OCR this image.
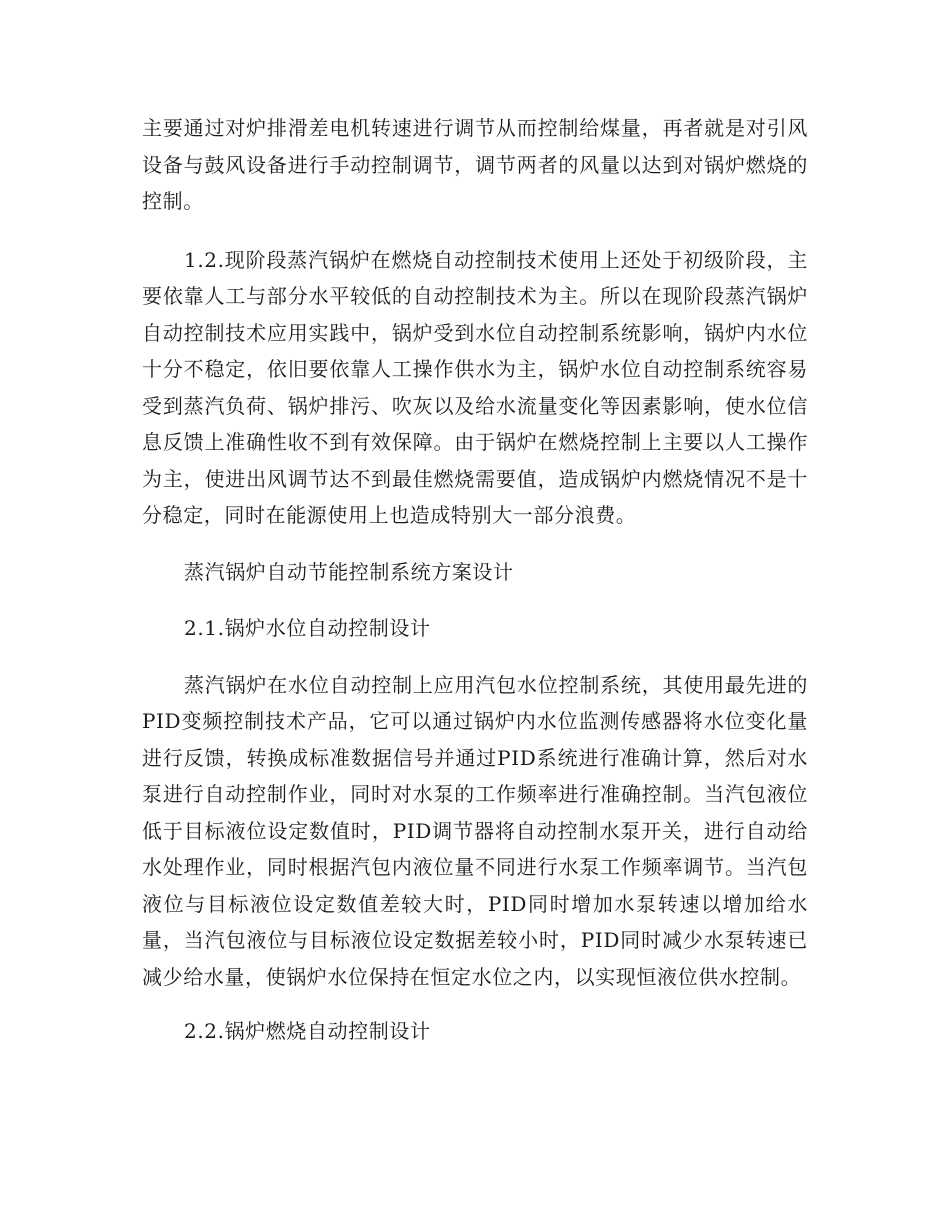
主要通过对炉排滑差电机转速进行调节从而控制给煤量，再者就是对引风设备与鼓风设备进行手动控制调节，调节两者的风量以达到对锅炉燃烧的控制。

1.2.现阶段蒸汽锅炉在燃烧自动控制技术使用上还处于初级阶段，主要依靠人工与部分水平较低的自动控制技术为主。所以在现阶段蒸汽锅炉自动控制技术应用实践中，锅炉受到水位自动控制系统影响，锅炉内水位十分不稳定，依旧要依靠人工操作供水为主，锅炉水位自动控制系统容易受到蒸汽负荷、锅炉排污、吹灰以及给水流量变化等因素影响，使水位信息反馈上准确性收不到有效保障。由于锅炉在燃烧控制上主要以人工操作为主，使进出风调节达不到最佳燃烧需要值，造成锅炉内燃烧情况不是十分稳定，同时在能源使用上也造成特别大一部分浪费。

蒸汽锅炉自动节能控制系统方案设计

2.1.锅炉水位自动控制设计

蒸汽锅炉在水位自动控制上应用汽包水位控制系统，其使用最先进的PID变频控制技术产品，它可以通过锅炉内水位监测传感器将水位变化量进行反馈，转换成标准数据信号并通过PID系统进行准确计算，然后对水泵进行自动控制作业，同时对水泵的工作频率进行准确控制。当汽包液位低于目标液位设定数值时，PID调节器将自动控制水泵开关，进行自动给水处理作业，同时根据汽包内液位量不同进行水泵工作频率调节。当汽包液位与目标液位设定数值差较大时，PID同时增加水泵转速以增加给水量，当汽包液位与目标液位设定数据差较小时，PID同时减少水泵转速已减少给水量，使锅炉水位保持在恒定水位之内，以实现恒液位供水控制。

2.2.锅炉燃烧自动控制设计
